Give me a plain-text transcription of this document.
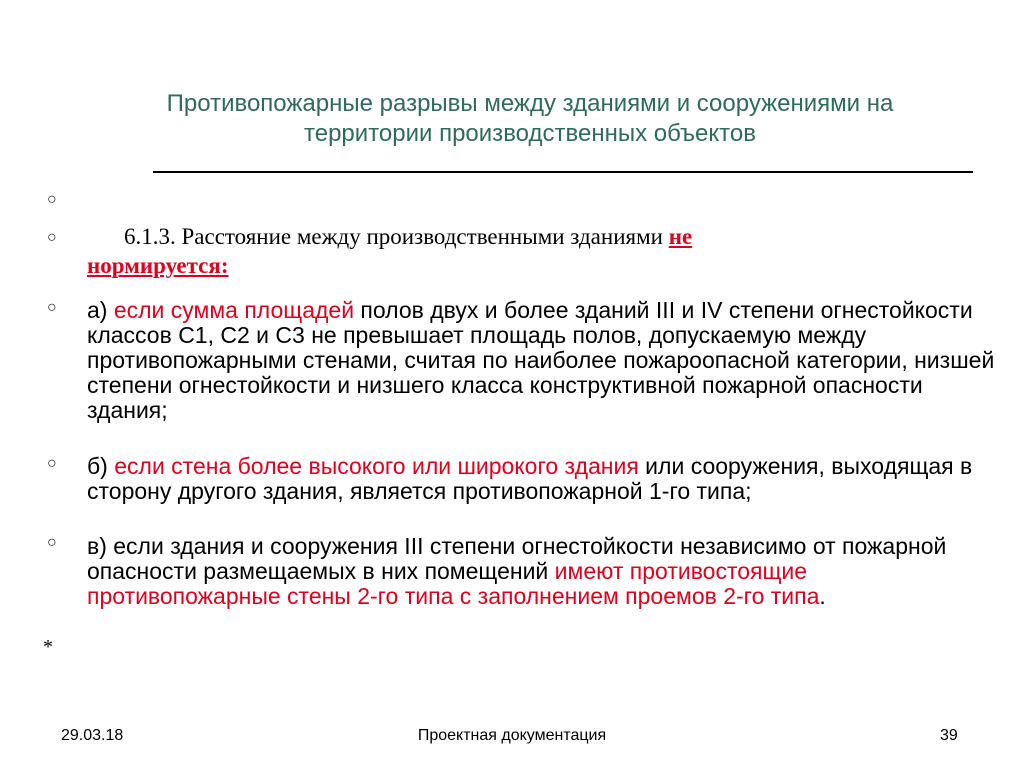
Противопожарные разрывы между зданиями и сооружениями на
территории производственных объектов
○
○
○
○
○
6.1.3. Расстояние между производственными зданиями не
нормируется:
а) если сумма площадей полов двух и более зданий III и IV степени огнестойкости классов С1, С2 и С3 не превышает площадь полов, допускаемую между противопожарными стенами, считая по наиболее пожароопасной категории, низшей степени огнестойкости и низшего класса конструктивной пожарной опасности здания;
б) если стена более высокого или широкого здания или сооружения, выходящая в сторону другого здания, является противопожарной 1-го типа;
в) если здания и сооружения III степени огнестойкости независимо от пожарной опасности размещаемых в них помещений имеют противостоящие противопожарные стены 2-го типа с заполнением проемов 2-го типа.
*
29.03.18	Проектная документация	39
